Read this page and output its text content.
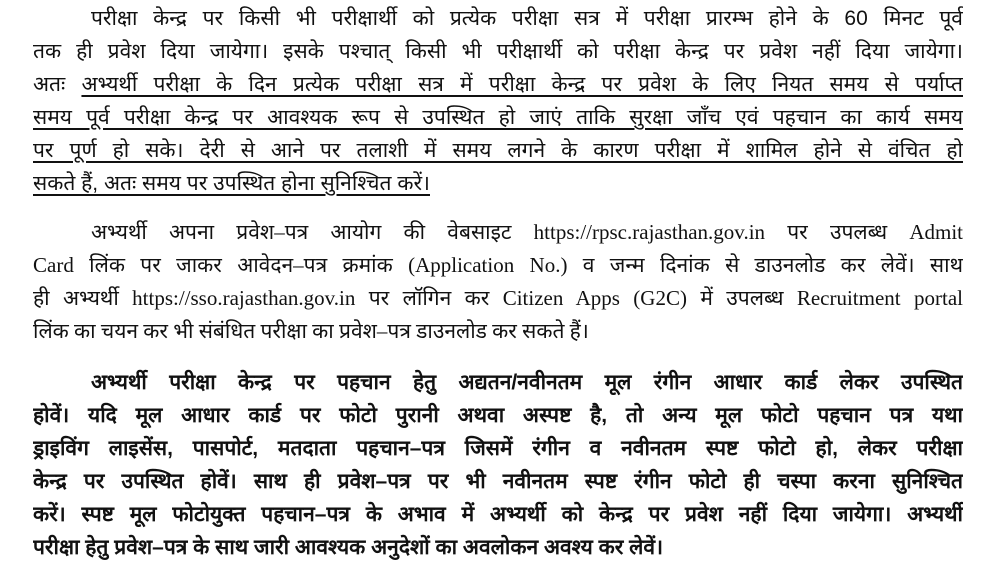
परीक्षा केन्द्र पर किसी भी परीक्षार्थी को प्रत्येक परीक्षा सत्र में परीक्षा प्रारम्भ होने के 60 मिनट पूर्व
तक ही प्रवेश दिया जायेगा। इसके पश्चात् किसी भी परीक्षार्थी को परीक्षा केन्द्र पर प्रवेश नहीं दिया जायेगा।
अतः अभ्यर्थी परीक्षा के दिन प्रत्येक परीक्षा सत्र में परीक्षा केन्द्र पर प्रवेश के लिए नियत समय से पर्याप्त
समय पूर्व परीक्षा केन्द्र पर आवश्यक रूप से उपस्थित हो जाएं ताकि सुरक्षा जाँच एवं पहचान का कार्य समय
पर पूर्ण हो सके। देरी से आने पर तलाशी में समय लगने के कारण परीक्षा में शामिल होने से वंचित हो
सकते हैं, अतः समय पर उपस्थित होना सुनिश्चित करें।
अभ्यर्थी अपना प्रवेश–पत्र आयोग की वेबसाइट https://rpsc.rajasthan.gov.in पर उपलब्ध Admit
Card लिंक पर जाकर आवेदन–पत्र क्रमांक (Application No.) व जन्म दिनांक से डाउनलोड कर लेवें। साथ
ही अभ्यर्थी https://sso.rajasthan.gov.in पर लॉगिन कर Citizen Apps (G2C) में उपलब्ध Recruitment portal
लिंक का चयन कर भी संबंधित परीक्षा का प्रवेश–पत्र डाउनलोड कर सकते हैं।
अभ्यर्थी परीक्षा केन्द्र पर पहचान हेतु अद्यतन/नवीनतम मूल रंगीन आधार कार्ड लेकर उपस्थित
होवें। यदि मूल आधार कार्ड पर फोटो पुरानी अथवा अस्पष्ट है, तो अन्य मूल फोटो पहचान पत्र यथा
ड्राइविंग लाइसेंस, पासपोर्ट, मतदाता पहचान–पत्र जिसमें रंगीन व नवीनतम स्पष्ट फोटो हो, लेकर परीक्षा
केन्द्र पर उपस्थित होवें। साथ ही प्रवेश–पत्र पर भी नवीनतम स्पष्ट रंगीन फोटो ही चस्पा करना सुनिश्चित
करें। स्पष्ट मूल फोटोयुक्त पहचान–पत्र के अभाव में अभ्यर्थी को केन्द्र पर प्रवेश नहीं दिया जायेगा। अभ्यर्थी
परीक्षा हेतु प्रवेश–पत्र के साथ जारी आवश्यक अनुदेशों का अवलोकन अवश्य कर लेवें।
